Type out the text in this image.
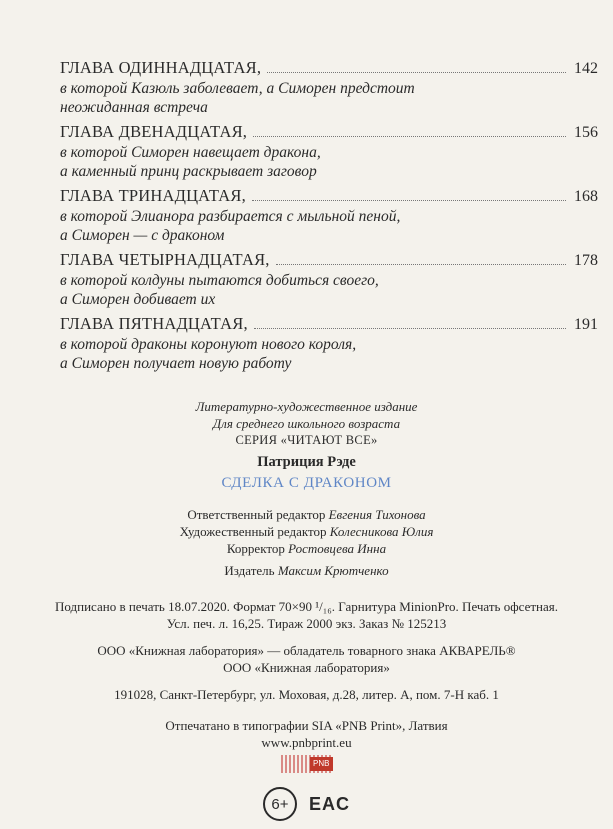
ГЛАВА ОДИННАДЦАТАЯ,	142
в которой Казюль заболевает, а Симорен предстоит
неожиданная встреча
ГЛАВА ДВЕНАДЦАТАЯ,	156
в которой Симорен навещает дракона,
а каменный принц раскрывает заговор
ГЛАВА ТРИНАДЦАТАЯ,	168
в которой Элианора разбирается с мыльной пеной,
а Симорен — с драконом
ГЛАВА ЧЕТЫРНАДЦАТАЯ,	178
в которой колдуны пытаются добиться своего,
а Симорен добивает их
ГЛАВА ПЯТНАДЦАТАЯ,	191
в которой драконы коронуют нового короля,
а Симорен получает новую работу
Литературно-художественное издание
Для среднего школьного возраста
СЕРИЯ «ЧИТАЮТ ВСЕ»
Патриция Рэде
СДЕЛКА С ДРАКОНОМ
Ответственный редактор Евгения Тихонова
Художественный редактор Колесникова Юлия
Корректор Ростовцева Инна
Издатель Максим Крютченко
Подписано в печать 18.07.2020. Формат 70×90 ¹/₁₆. Гарнитура MinionPro. Печать офсетная.
Усл. печ. л. 16,25. Тираж 2000 экз. Заказ № 125213
ООО «Книжная лаборатория» — обладатель товарного знака АКВАРЕЛЬ®
ООО «Книжная лаборатория»
191028, Санкт-Петербург, ул. Моховая, д.28, литер. А, пом. 7-Н каб. 1
Отпечатано в типографии SIA «PNB Print», Латвия
www.pnbprint.eu
PNB
6+	EAC
